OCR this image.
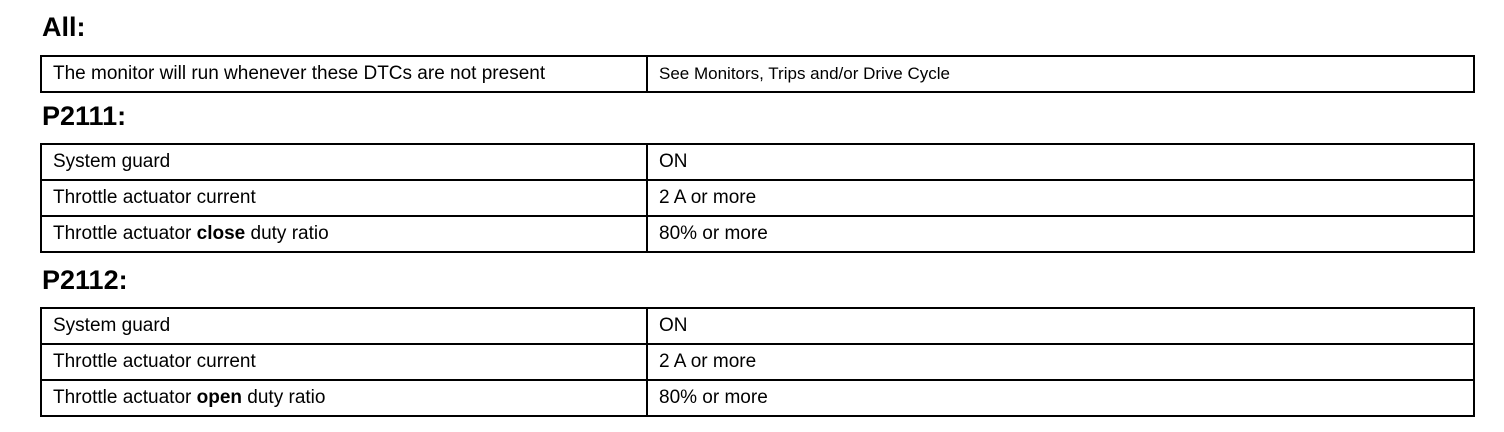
All:
The monitor will run whenever these DTCs are not present	See Monitors, Trips and/or Drive Cycle
P2111:
System guard	ON
Throttle actuator current	2 A or more
Throttle actuator close duty ratio	80% or more
P2112:
System guard	ON
Throttle actuator current	2 A or more
Throttle actuator open duty ratio	80% or more
